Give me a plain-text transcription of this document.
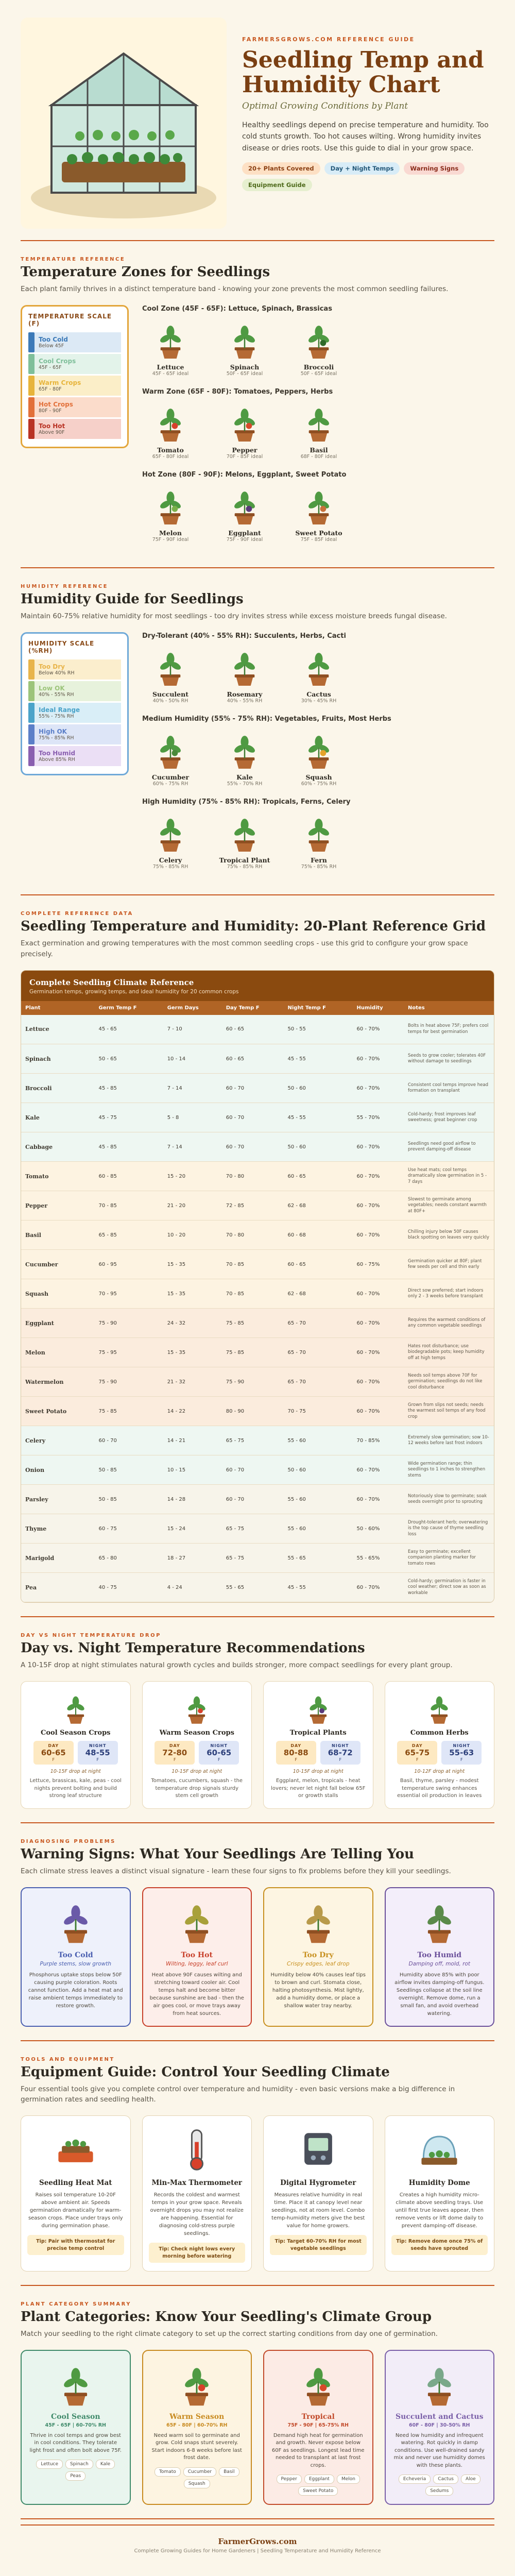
FARMERSGROWS.COM REFERENCE GUIDE
Seedling Temp and
Humidity Chart
Optimal Growing Conditions by Plant
Healthy seedlings depend on precise temperature and humidity. Too cold stunts growth. Too hot causes wilting. Wrong humidity invites disease or dries roots. Use this guide to dial in your grow space.
20+ Plants Covered	Day + Night Temps	Warning Signs
Equipment Guide
TEMPERATURE REFERENCE
Temperature Zones for Seedlings
Each plant family thrives in a distinct temperature band - knowing your zone prevents the most common seedling failures.
TEMPERATURE SCALE (F)
Too Cold
Below 45F
Cool Crops
45F - 65F
Warm Crops
65F - 80F
Hot Crops
80F - 90F
Too Hot
Above 90F
Cool Zone (45F - 65F): Lettuce, Spinach, Brassicas
Lettuce
45F - 65F ideal
Spinach
50F - 65F ideal
Broccoli
50F - 65F ideal
Warm Zone (65F - 80F): Tomatoes, Peppers, Herbs
Tomato
65F - 80F ideal
Pepper
70F - 85F ideal
Basil
68F - 80F ideal
Hot Zone (80F - 90F): Melons, Eggplant, Sweet Potato
Melon
75F - 90F ideal
Eggplant
75F - 90F ideal
Sweet Potato
75F - 85F ideal
HUMIDITY REFERENCE
Humidity Guide for Seedlings
Maintain 60-75% relative humidity for most seedlings - too dry invites stress while excess moisture breeds fungal disease.
HUMIDITY SCALE (%RH)
Too Dry
Below 40% RH
Low OK
40% - 55% RH
Ideal Range
55% - 75% RH
High OK
75% - 85% RH
Too Humid
Above 85% RH
Dry-Tolerant (40% - 55% RH): Succulents, Herbs, Cacti
Succulent
40% - 50% RH
Rosemary
40% - 55% RH
Cactus
30% - 45% RH
Medium Humidity (55% - 75% RH): Vegetables, Fruits, Most Herbs
Cucumber
60% - 75% RH
Kale
55% - 70% RH
Squash
60% - 75% RH
High Humidity (75% - 85% RH): Tropicals, Ferns, Celery
Celery
75% - 85% RH
Tropical Plant
75% - 85% RH
Fern
75% - 85% RH
COMPLETE REFERENCE DATA
Seedling Temperature and Humidity: 20-Plant Reference Grid
Exact germination and growing temperatures with the most common seedling crops - use this grid to configure your grow space precisely.
Complete Seedling Climate Reference
Germination temps, growing temps, and ideal humidity for 20 common crops
Plant	Germ Temp F	Germ Days	Day Temp F	Night Temp F	Humidity	Notes
Lettuce	45 - 65	7 - 10	60 - 65	50 - 55	60 - 70%	Bolts in heat above 75F; prefers cool temps for best germination
Spinach	50 - 65	10 - 14	60 - 65	45 - 55	60 - 70%	Seeds to grow cooler; tolerates 40F without damage to seedlings
Broccoli	45 - 85	7 - 14	60 - 70	50 - 60	60 - 70%	Consistent cool temps improve head formation on transplant
Kale	45 - 75	5 - 8	60 - 70	45 - 55	55 - 70%	Cold-hardy; frost improves leaf sweetness; great beginner crop
Cabbage	45 - 85	7 - 14	60 - 70	50 - 60	60 - 70%	Seedlings need good airflow to prevent damping-off disease
Tomato	60 - 85	15 - 20	70 - 80	60 - 65	60 - 70%	Use heat mats; cool temps dramatically slow germination in 5 - 7 days
Pepper	70 - 85	21 - 20	72 - 85	62 - 68	60 - 70%	Slowest to germinate among vegetables; needs constant warmth at 80F+
Basil	65 - 85	10 - 20	70 - 80	60 - 68	60 - 70%	Chilling injury below 50F causes black spotting on leaves very quickly
Cucumber	60 - 95	15 - 35	70 - 85	60 - 65	60 - 75%	Germination quicker at 80F; plant few seeds per cell and thin early
Squash	70 - 95	15 - 35	70 - 85	62 - 68	60 - 70%	Direct sow preferred; start indoors only 2 - 3 weeks before transplant
Eggplant	75 - 90	24 - 32	75 - 85	65 - 70	60 - 70%	Requires the warmest conditions of any common vegetable seedlings
Melon	75 - 95	15 - 35	75 - 85	65 - 70	60 - 70%	Hates root disturbance; use biodegradable pots; keep humidity off at high temps
Watermelon	75 - 90	21 - 32	75 - 90	65 - 70	60 - 70%	Needs soil temps above 70F for germination; seedlings do not like cool disturbance
Sweet Potato	75 - 85	14 - 22	80 - 90	70 - 75	60 - 70%	Grown from slips not seeds; needs the warmest soil temps of any food crop
Celery	60 - 70	14 - 21	65 - 75	55 - 60	70 - 85%	Extremely slow germination; sow 10-12 weeks before last frost indoors
Onion	50 - 85	10 - 15	60 - 70	50 - 60	60 - 70%	Wide germination range; thin seedlings to 1 inches to strengthen stems
Parsley	50 - 85	14 - 28	60 - 70	55 - 60	60 - 70%	Notoriously slow to germinate; soak seeds overnight prior to sprouting
Thyme	60 - 75	15 - 24	65 - 75	55 - 60	50 - 60%	Drought-tolerant herb; overwatering is the top cause of thyme seedling loss
Marigold	65 - 80	18 - 27	65 - 75	55 - 65	55 - 65%	Easy to germinate; excellent companion planting marker for tomato rows
Pea	40 - 75	4 - 24	55 - 65	45 - 55	60 - 70%	Cold-hardy; germination is faster in cool weather; direct sow as soon as workable
DAY VS NIGHT TEMPERATURE DROP
Day vs. Night Temperature Recommendations
A 10-15F drop at night stimulates natural growth cycles and builds stronger, more compact seedlings for every plant group.
Cool Season Crops
DAY
60-65
F
NIGHT
48-55
F
10-15F drop at night
Lettuce, brassicas, kale, peas - cool nights prevent bolting and build strong leaf structure
Warm Season Crops
DAY
72-80
F
NIGHT
60-65
F
10-15F drop at night
Tomatoes, cucumbers, squash - the temperature drop signals sturdy stem cell growth
Tropical Plants
DAY
80-88
F
NIGHT
68-72
F
10-15F drop at night
Eggplant, melon, tropicals - heat lovers; never let night fall below 65F or growth stalls
Common Herbs
DAY
65-75
F
NIGHT
55-63
F
10-12F drop at night
Basil, thyme, parsley - modest temperature swing enhances essential oil production in leaves
DIAGNOSING PROBLEMS
Warning Signs: What Your Seedlings Are Telling You
Each climate stress leaves a distinct visual signature - learn these four signs to fix problems before they kill your seedlings.
Too Cold
Purple stems, slow growth
Phosphorus uptake stops below 50F causing purple coloration. Roots cannot function. Add a heat mat and raise ambient temps immediately to restore growth.
Too Hot
Wilting, leggy, leaf curl
Heat above 90F causes wilting and stretching toward cooler air. Cool temps halt and become bitter because sunshine are bad - then the air goes cool, or move trays away from heat sources.
Too Dry
Crispy edges, leaf drop
Humidity below 40% causes leaf tips to brown and curl. Stomata close, halting photosynthesis. Mist lightly, add a humidity dome, or place a shallow water tray nearby.
Too Humid
Damping off, mold, rot
Humidity above 85% with poor airflow invites damping-off fungus. Seedlings collapse at the soil line overnight. Remove dome, run a small fan, and avoid overhead watering.
TOOLS AND EQUIPMENT
Equipment Guide: Control Your Seedling Climate
Four essential tools give you complete control over temperature and humidity - even basic versions make a big difference in germination rates and seedling health.
Seedling Heat Mat
Raises soil temperature 10-20F above ambient air. Speeds germination dramatically for warm-season crops. Place under trays only during germination phase.
Tip: Pair with thermostat for precise temp control
Min-Max Thermometer
Records the coldest and warmest temps in your grow space. Reveals overnight drops you may not realize are happening. Essential for diagnosing cold-stress purple seedlings.
Tip: Check night lows every morning before watering
Digital Hygrometer
Measures relative humidity in real time. Place it at canopy level near seedlings, not at room level. Combo temp-humidity meters give the best value for home growers.
Tip: Target 60-70% RH for most vegetable seedlings
Humidity Dome
Creates a high humidity micro-climate above seedling trays. Use until first true leaves appear, then remove vents or lift dome daily to prevent damping-off disease.
Tip: Remove dome once 75% of seeds have sprouted
PLANT CATEGORY SUMMARY
Plant Categories: Know Your Seedling's Climate Group
Match your seedling to the right climate category to set up the correct starting conditions from day one of germination.
Cool Season
45F - 65F | 60-70% RH
Thrive in cool temps and grow best in cool conditions. They tolerate light frost and often bolt above 75F.
Lettuce	Spinach	Kale
Peas
Warm Season
65F - 80F | 60-70% RH
Need warm soil to germinate and grow. Cold snaps stunt severely. Start indoors 6-8 weeks before last frost date.
Tomato	Cucumber	Basil
Squash
Tropical
75F - 90F | 65-75% RH
Demand high heat for germination and growth. Never expose below 60F as seedlings. Longest lead time needed to transplant at last frost crops.
Pepper	Eggplant	Melon
Sweet Potato
Succulent and Cactus
60F - 80F | 30-50% RH
Need low humidity and infrequent watering. Rot quickly in damp conditions. Use well-drained sandy mix and never use humidity domes with these plants.
Echeveria	Cactus	Aloe
Sedums
FarmerGrows.com
Complete Growing Guides for Home Gardeners | Seedling Temperature and Humidity Reference
